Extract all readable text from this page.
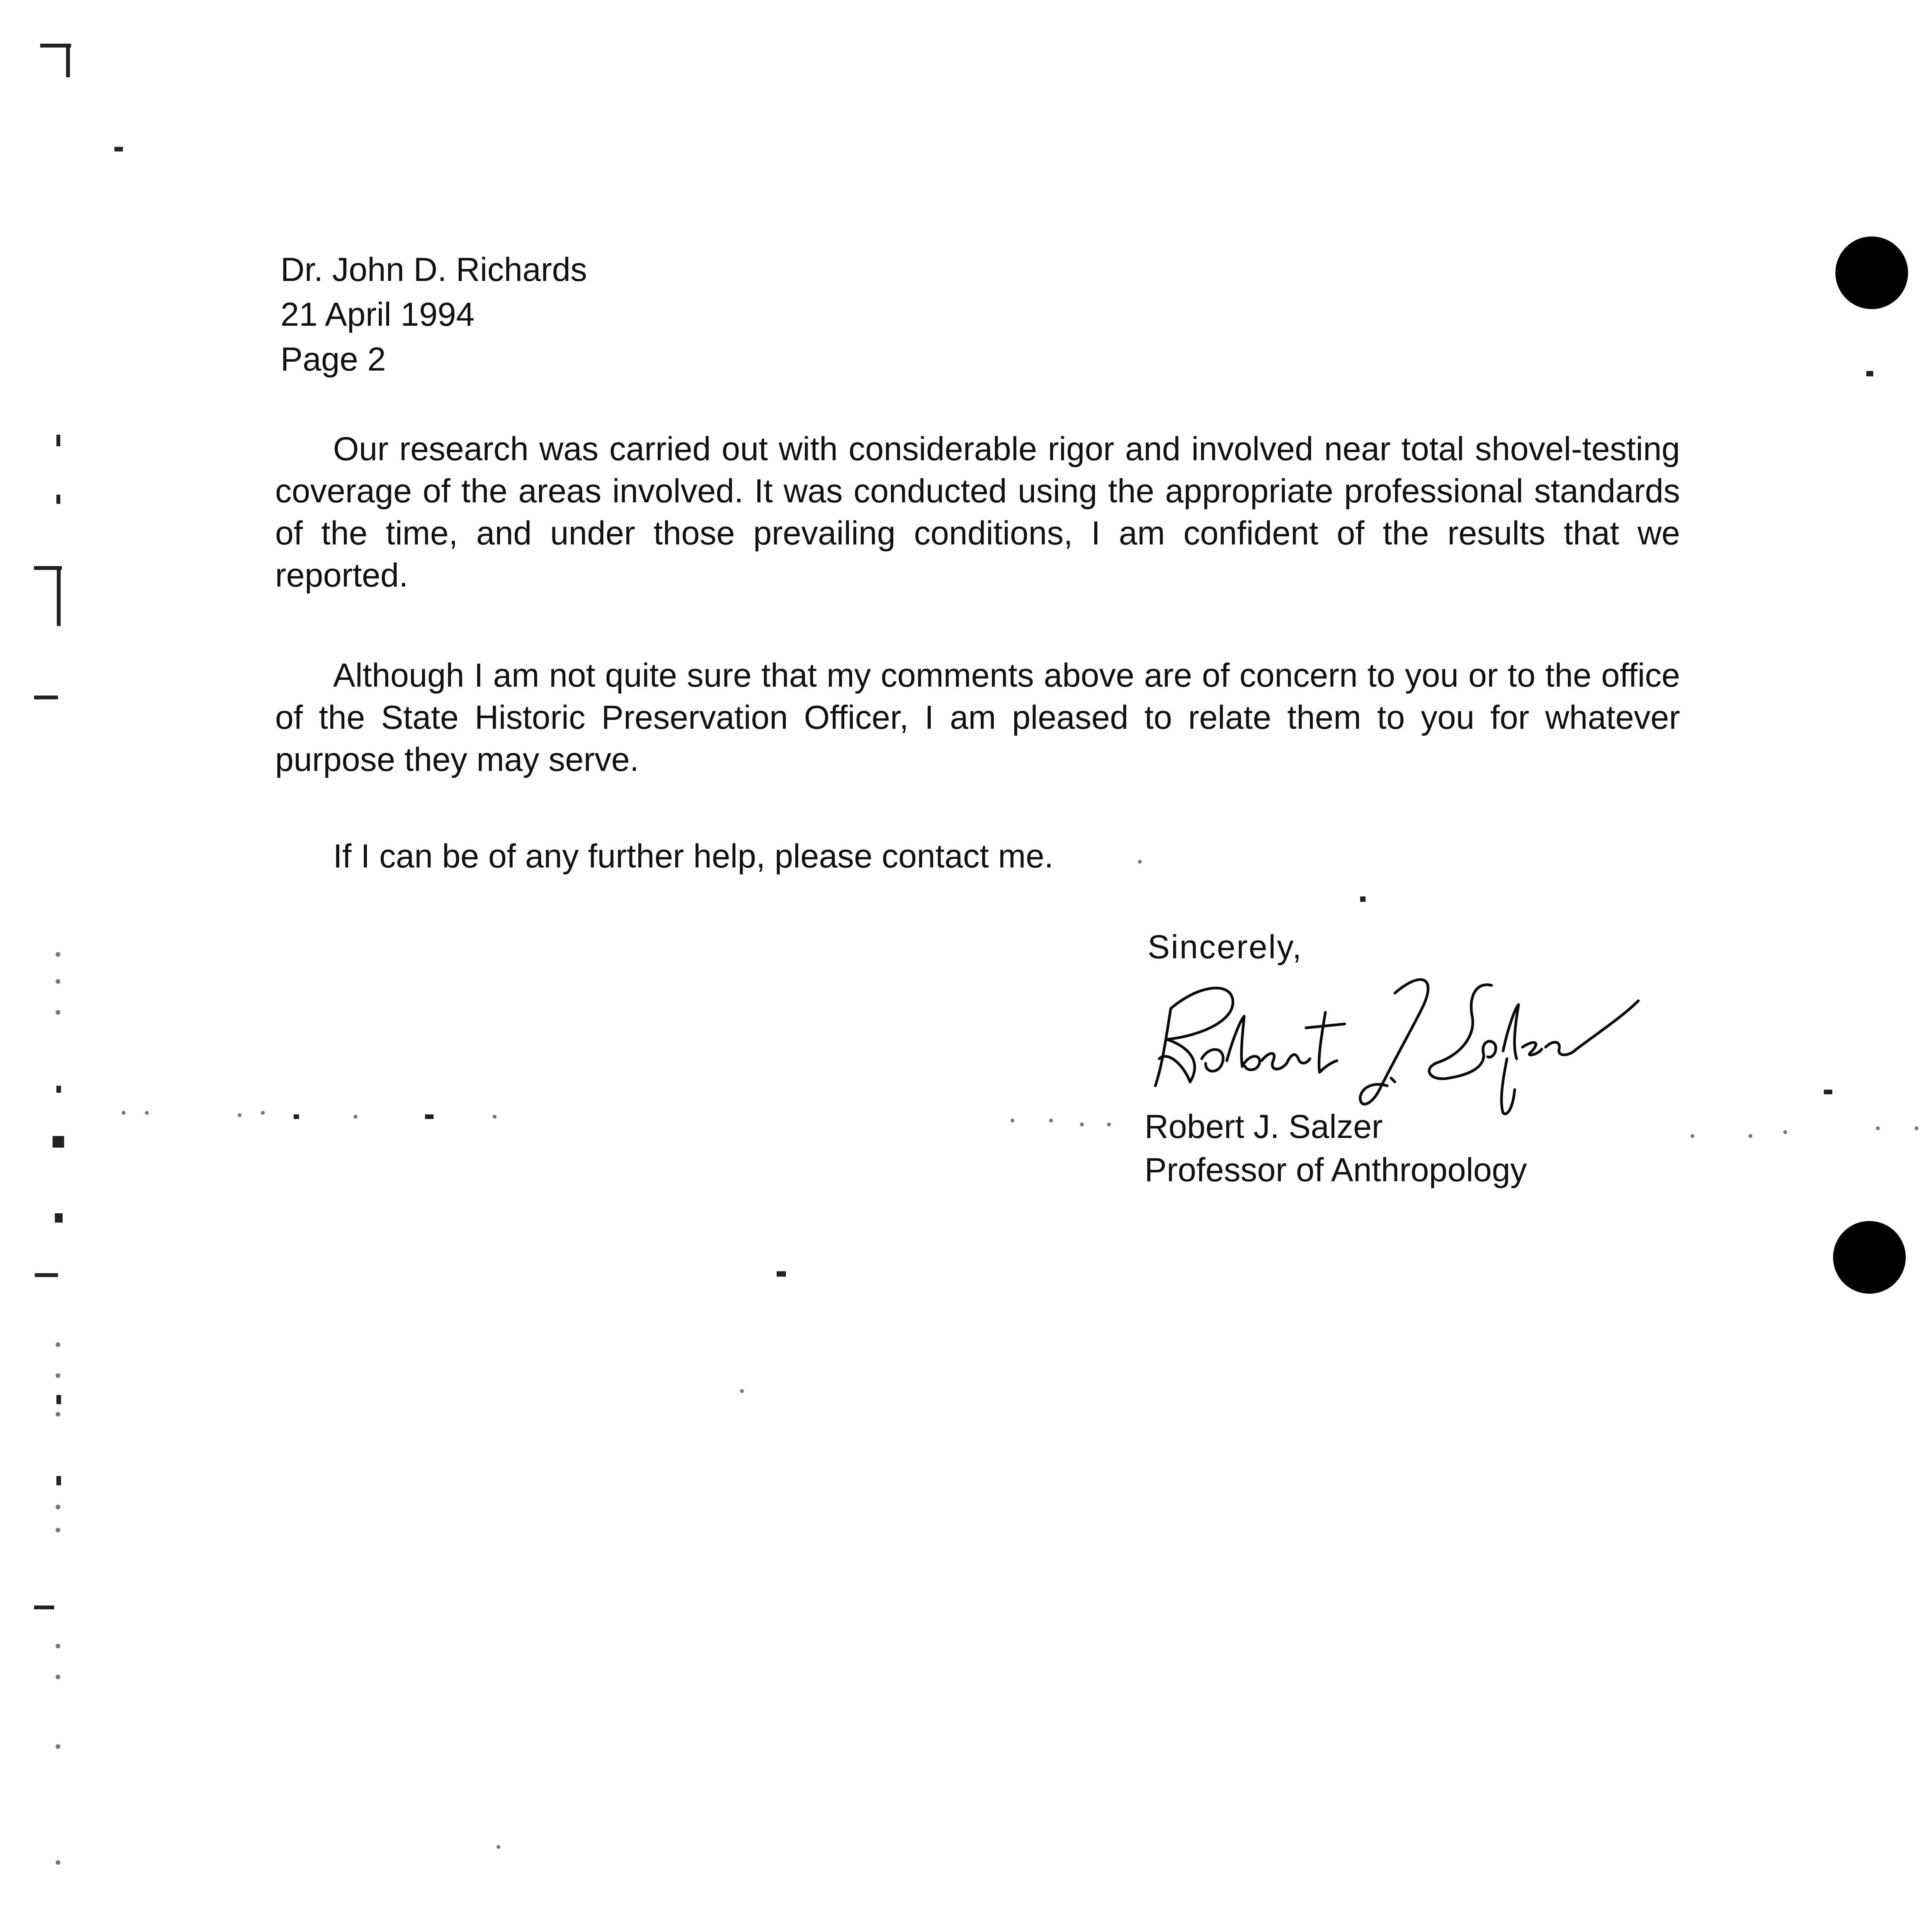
Dr. John D. Richards
21 April 1994
Page 2

Our research was carried out with considerable rigor and involved near total shovel-testing coverage of the areas involved. It was conducted using the appropriate professional standards of the time, and under those prevailing conditions, I am confident of the results that we reported.

Although I am not quite sure that my comments above are of concern to you or to the office of the State Historic Preservation Officer, I am pleased to relate them to you for whatever purpose they may serve.

If I can be of any further help, please contact me.

Sincerely,
Robert J. Salzer
Professor of Anthropology
